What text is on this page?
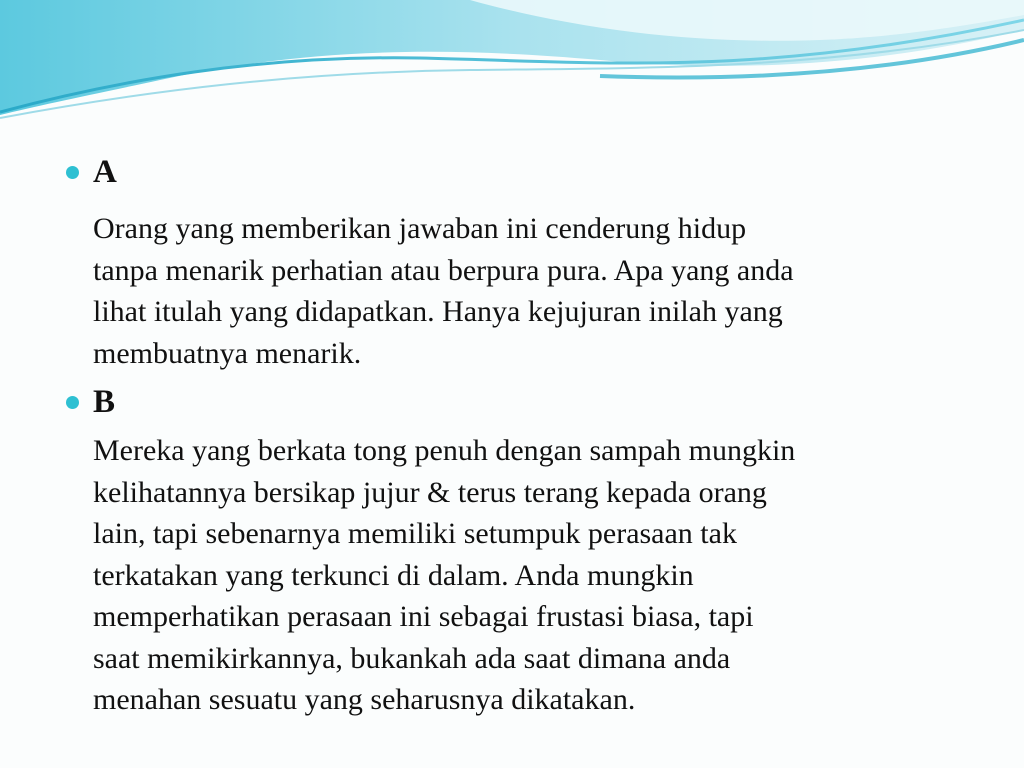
A
Orang yang memberikan jawaban ini cenderung hidup
tanpa menarik perhatian atau berpura pura. Apa yang anda
lihat itulah yang didapatkan. Hanya kejujuran inilah yang
membuatnya menarik.
B
Mereka yang berkata tong penuh dengan sampah mungkin
kelihatannya bersikap jujur & terus terang kepada orang
lain, tapi sebenarnya memiliki setumpuk perasaan tak
terkatakan yang terkunci di dalam. Anda mungkin
memperhatikan perasaan ini sebagai frustasi biasa, tapi
saat memikirkannya, bukankah ada saat dimana anda
menahan sesuatu yang seharusnya dikatakan.
